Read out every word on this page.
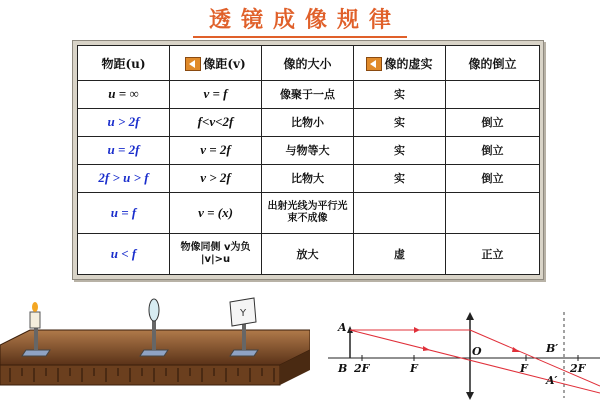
透镜成像规律
物距(u)	像距(v)	像的大小	像的虚实	像的倒立
u = ∞	v = f	像聚于一点	实	
u > 2f	f<v<2f	比物小	实	倒立
u = 2f	v = 2f	与物等大	实	倒立
2f > u > f	v > 2f	比物大	实	倒立
u = f	v = (x)	出射光线为平行光束不成像		
u < f	物像同侧 v为负 |v|>u	放大	虚	正立
Y
A
B 2F	F
O
F	2F
B′
A′
